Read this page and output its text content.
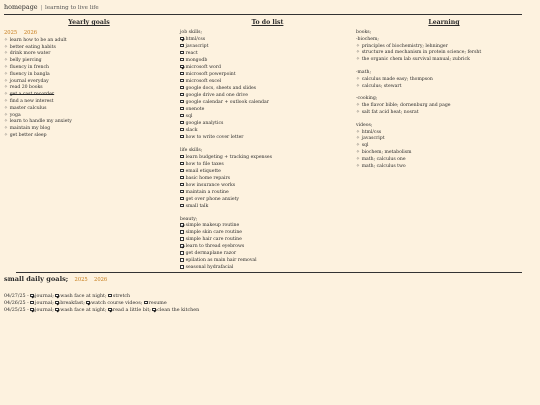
homepage | learning to live life
Yearly goals
2025 2026
✧ learn how to be an adult
✧ better eating habits
✧ drink more water
✧ belly piercing
✧ fluency in french
✧ fluency in bangla
✧ journal everyday
✧ read 20 books
✧ get a cast recorder
✧ find a new interest
✧ master calculus
✧ yoga
✧ learn to handle my anxiety
✧ maintain my blog
✧ get better sleep
To do list
job skills;
html/css
javascript
react
mongodb
microsoft word
microsoft powerpoint
microsoft excel
google docs, sheets and slides
google drive and one drive
google calendar + outlook calendar
onenote
sql
google analytics
slack
how to write cover letter
life skills;
learn budgeting + tracking expenses
how to file taxes
email etiquette
basic home repairs
how insurance works
maintain a routine
get over phone anxiety
small talk
beauty;
simple makeup routine
simple skin care routine
simple hair care routine
learn to thread eyebrows
get dermaplane razor
epilation as main hair removal
seasonal hydrafacial
Learning
books;
-biochem;
✧ principles of biochemistry; lehninger
✧ structure and mechanism in protein science; fersht
✧ the organic chem lab survival manual; zubrick
-math;
✧ calculus made easy; thompson
✧ calculus; stewart
-cooking;
✧ the flavor bible; dornenburg and page
✧ salt fat acid heat; nosrat
videos;
✧ html/css
✧ javascript
✧ sql
✧ biochem; metabolism
✧ math; calculus one
✧ math; calculus two
small daily goals; 2025 2026
04/27/25 - journal; wash face at night; stretch
04/26/25 - journal; breakfast; watch course videos; resume
04/25/25 - journal; wash face at night; read a little bit; clean the kitchen
